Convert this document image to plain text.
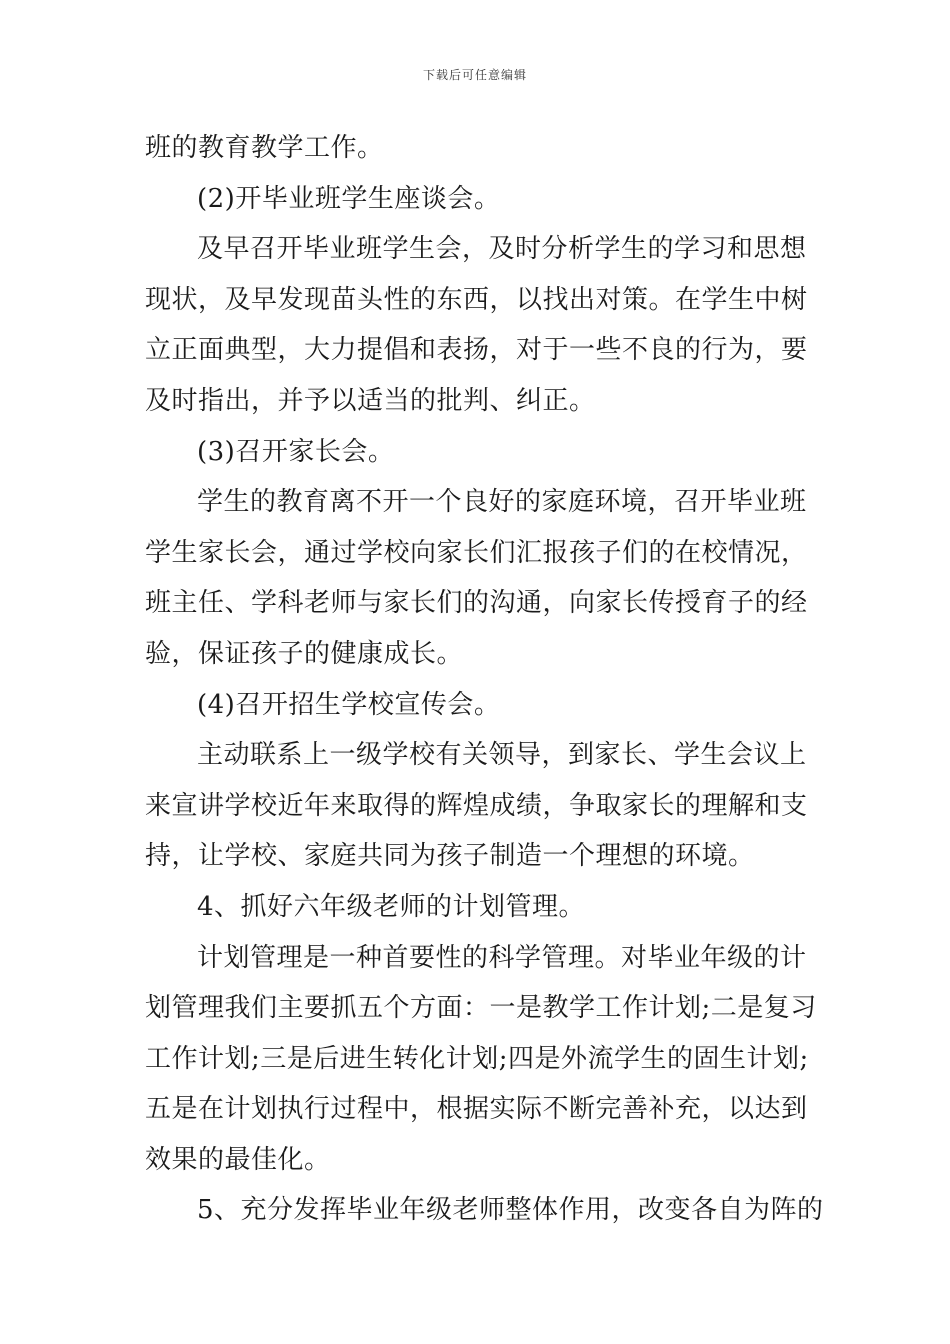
下载后可任意编辑
班的教育教学工作。
(2)开毕业班学生座谈会。
及早召开毕业班学生会，及时分析学生的学习和思想
现状，及早发现苗头性的东西，以找出对策。在学生中树
立正面典型，大力提倡和表扬，对于一些不良的行为，要
及时指出，并予以适当的批判、纠正。
(3)召开家长会。
学生的教育离不开一个良好的家庭环境，召开毕业班
学生家长会，通过学校向家长们汇报孩子们的在校情况，
班主任、学科老师与家长们的沟通，向家长传授育子的经
验，保证孩子的健康成长。
(4)召开招生学校宣传会。
主动联系上一级学校有关领导，到家长、学生会议上
来宣讲学校近年来取得的辉煌成绩，争取家长的理解和支
持，让学校、家庭共同为孩子制造一个理想的环境。
4、抓好六年级老师的计划管理。
计划管理是一种首要性的科学管理。对毕业年级的计
划管理我们主要抓五个方面：一是教学工作计划;二是复习
工作计划;三是后进生转化计划;四是外流学生的固生计划;
五是在计划执行过程中，根据实际不断完善补充，以达到
效果的最佳化。
5、充分发挥毕业年级老师整体作用，改变各自为阵的
